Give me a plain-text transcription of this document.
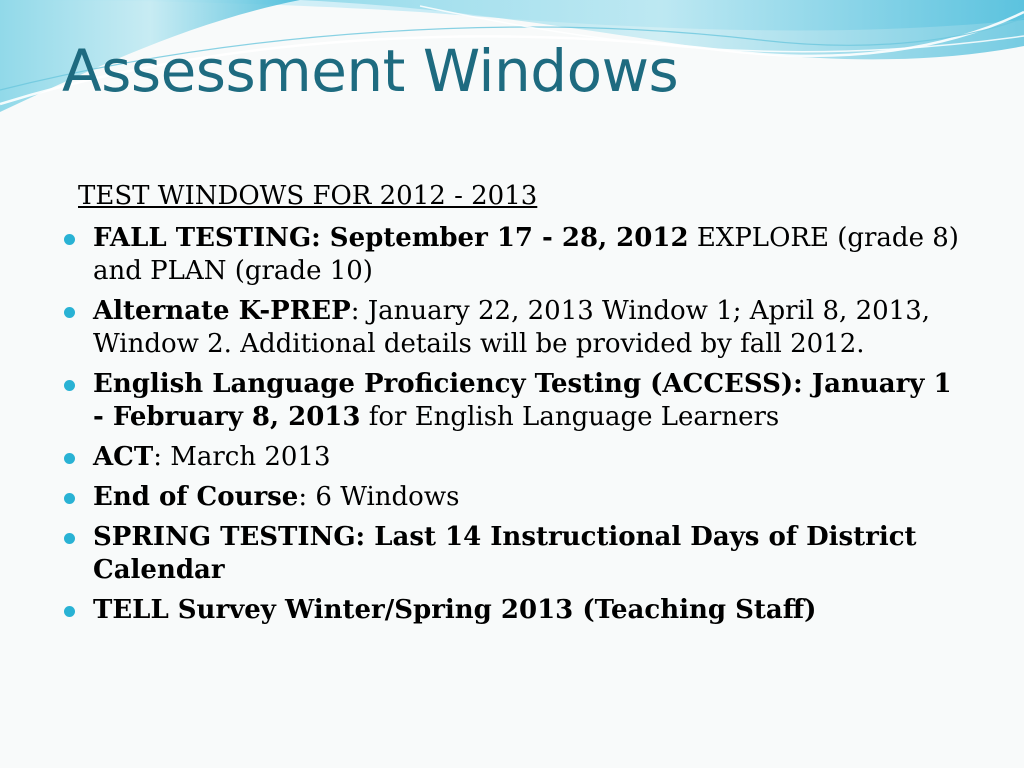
Assessment Windows

TEST WINDOWS FOR 2012 - 2013

FALL TESTING: September 17 - 28, 2012 EXPLORE (grade 8) and PLAN (grade 10)
Alternate K-PREP: January 22, 2013 Window 1; April 8, 2013, Window 2. Additional details will be provided by fall 2012.
English Language Proficiency Testing (ACCESS): January 1 - February 8, 2013 for English Language Learners
ACT: March 2013
End of Course: 6 Windows
SPRING TESTING: Last 14 Instructional Days of District Calendar
TELL Survey Winter/Spring 2013 (Teaching Staff)
